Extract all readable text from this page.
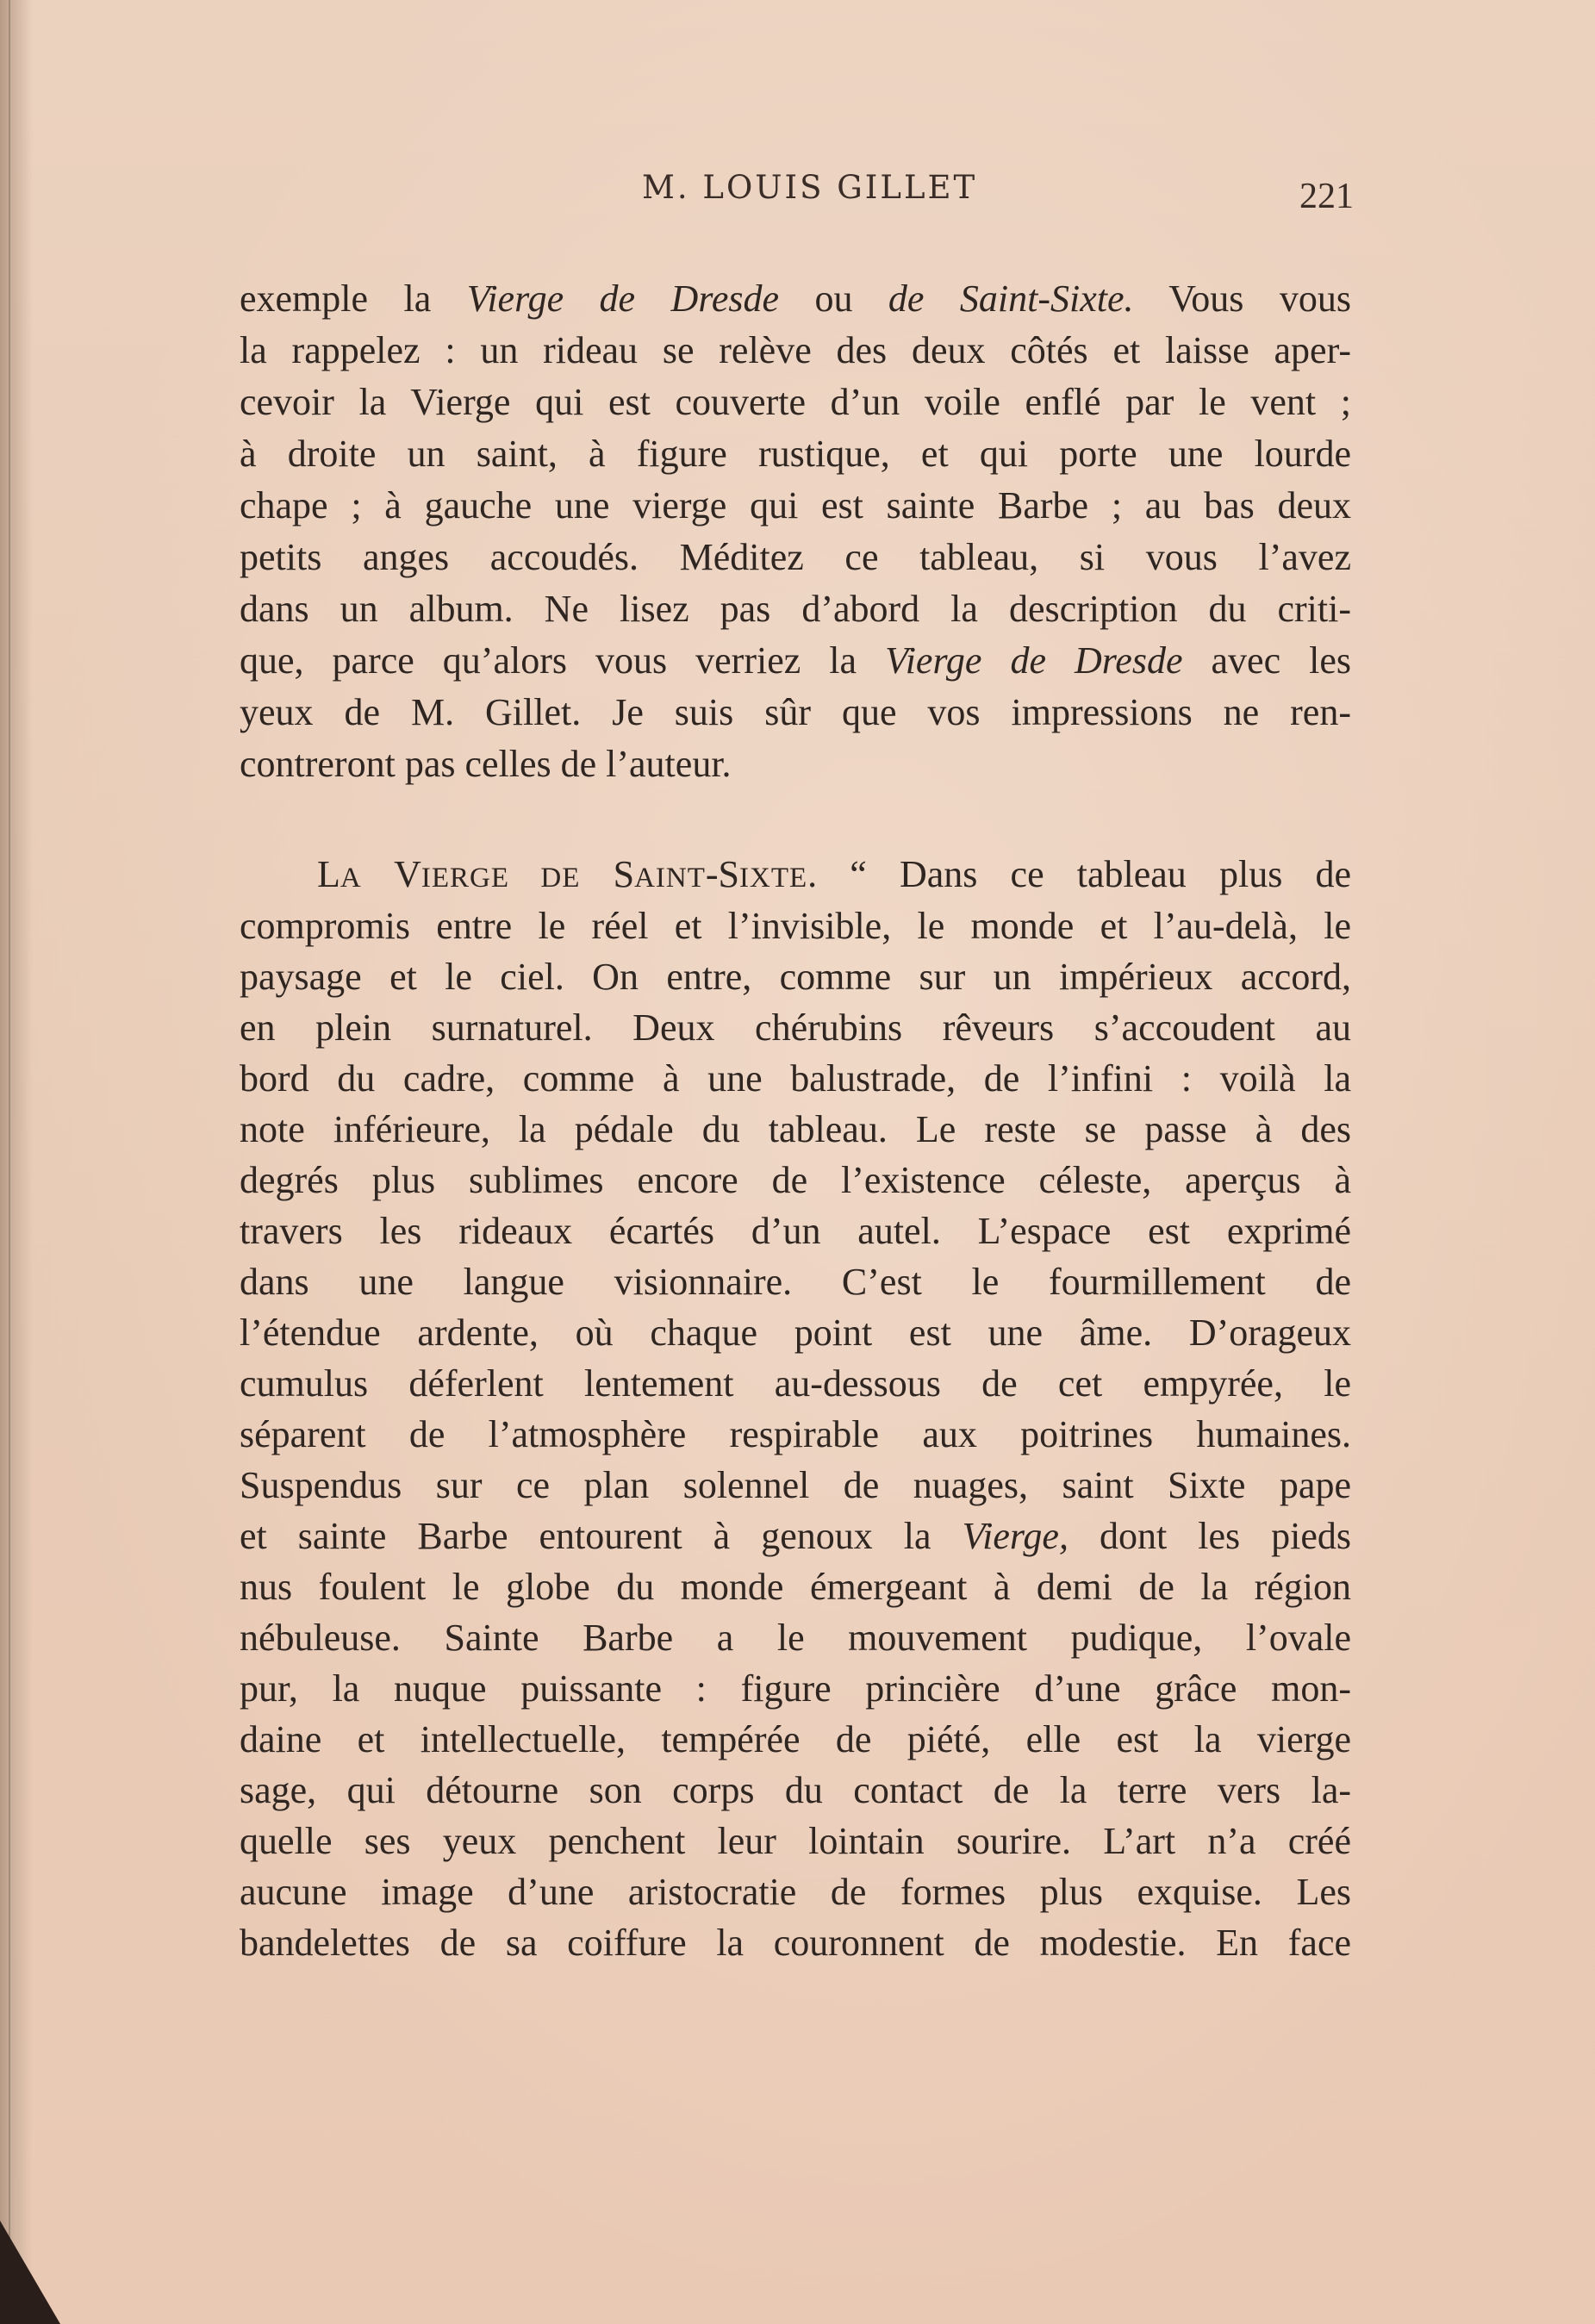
M. LOUIS GILLET	221
exemple la Vierge de Dresde ou de Saint-Sixte. Vous vous
la rappelez : un rideau se relève des deux côtés et laisse aper-
cevoir la Vierge qui est couverte d’un voile enflé par le vent ;
à droite un saint, à figure rustique, et qui porte une lourde
chape ; à gauche une vierge qui est sainte Barbe ; au bas deux
petits anges accoudés. Méditez ce tableau, si vous l’avez
dans un album. Ne lisez pas d’abord la description du criti-
que, parce qu’alors vous verriez la Vierge de Dresde avec les
yeux de M. Gillet. Je suis sûr que vos impressions ne ren-
contreront pas celles de l’auteur.
LA VIERGE DE SAINT-SIXTE. “ Dans ce tableau plus de
compromis entre le réel et l’invisible, le monde et l’au-delà, le
paysage et le ciel. On entre, comme sur un impérieux accord,
en plein surnaturel. Deux chérubins rêveurs s’accoudent au
bord du cadre, comme à une balustrade, de l’infini : voilà la
note inférieure, la pédale du tableau. Le reste se passe à des
degrés plus sublimes encore de l’existence céleste, aperçus à
travers les rideaux écartés d’un autel. L’espace est exprimé
dans une langue visionnaire. C’est le fourmillement de
l’étendue ardente, où chaque point est une âme. D’orageux
cumulus déferlent lentement au-dessous de cet empyrée, le
séparent de l’atmosphère respirable aux poitrines humaines.
Suspendus sur ce plan solennel de nuages, saint Sixte pape
et sainte Barbe entourent à genoux la Vierge, dont les pieds
nus foulent le globe du monde émergeant à demi de la région
nébuleuse. Sainte Barbe a le mouvement pudique, l’ovale
pur, la nuque puissante : figure princière d’une grâce mon-
daine et intellectuelle, tempérée de piété, elle est la vierge
sage, qui détourne son corps du contact de la terre vers la-
quelle ses yeux penchent leur lointain sourire. L’art n’a créé
aucune image d’une aristocratie de formes plus exquise. Les
bandelettes de sa coiffure la couronnent de modestie. En face
